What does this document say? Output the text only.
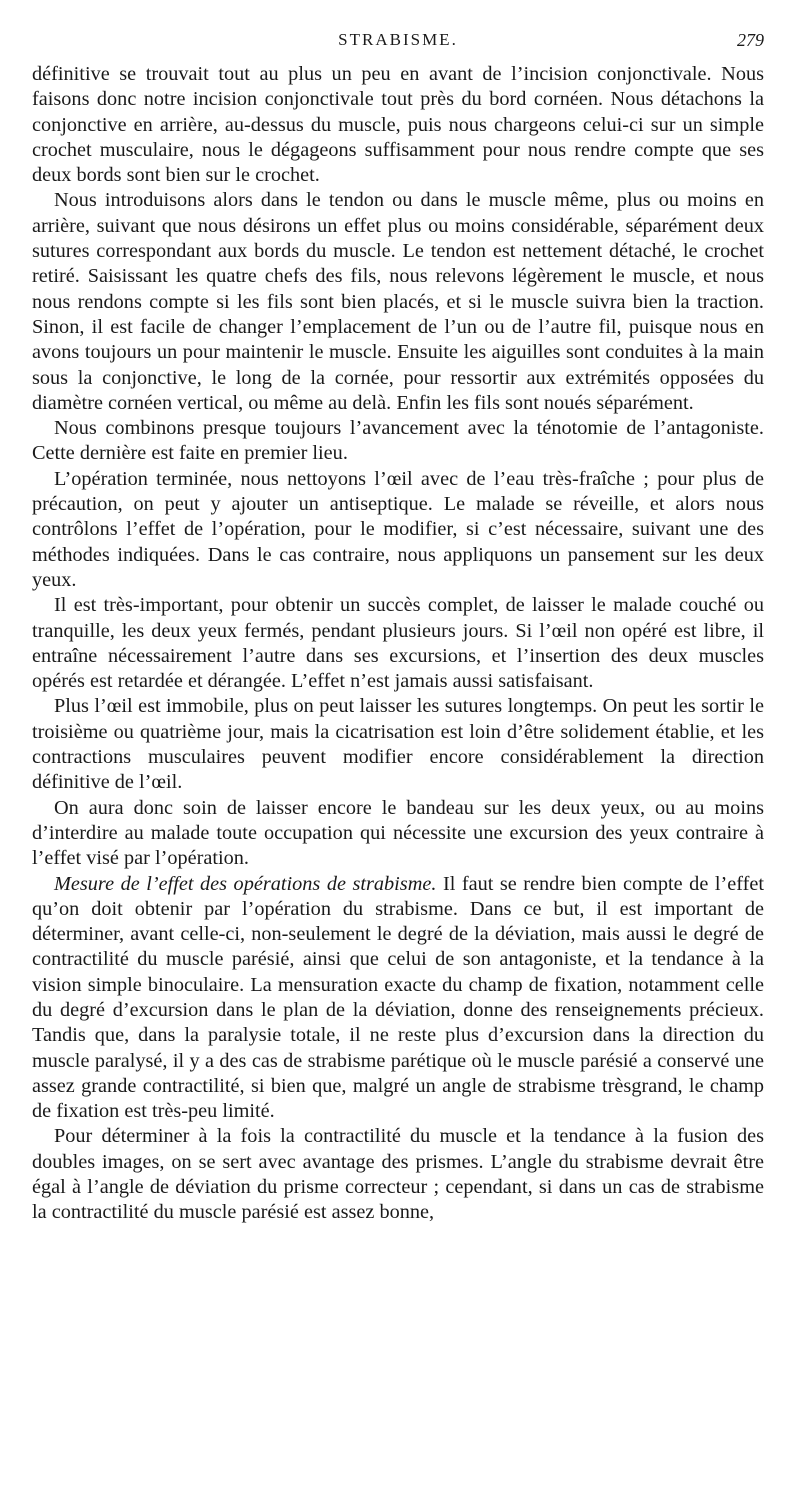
STRABISME.	279

définitive se trouvait tout au plus un peu en avant de l’incision conjonctivale. Nous faisons donc notre incision conjonctivale tout près du bord cornéen. Nous détachons la conjonctive en arrière, au-dessus du muscle, puis nous chargeons celui-ci sur un simple crochet musculaire, nous le dégageons suffisamment pour nous rendre compte que ses deux bords sont bien sur le crochet.

Nous introduisons alors dans le tendon ou dans le muscle même, plus ou moins en arrière, suivant que nous désirons un effet plus ou moins considérable, séparément deux sutures correspondant aux bords du muscle. Le tendon est nettement détaché, le crochet retiré. Saisissant les quatre chefs des fils, nous relevons légèrement le muscle, et nous nous rendons compte si les fils sont bien placés, et si le muscle suivra bien la traction. Sinon, il est facile de changer l’emplacement de l’un ou de l’autre fil, puisque nous en avons toujours un pour maintenir le muscle. Ensuite les aiguilles sont conduites à la main sous la conjonctive, le long de la cornée, pour ressortir aux extrémités opposées du diamètre cornéen vertical, ou même au delà. Enfin les fils sont noués séparément.

Nous combinons presque toujours l’avancement avec la ténotomie de l’antagoniste. Cette dernière est faite en premier lieu.

L’opération terminée, nous nettoyons l’œil avec de l’eau très-fraîche ; pour plus de précaution, on peut y ajouter un antiseptique. Le malade se réveille, et alors nous contrôlons l’effet de l’opération, pour le modifier, si c’est nécessaire, suivant une des méthodes indiquées. Dans le cas contraire, nous appliquons un pansement sur les deux yeux.

Il est très-important, pour obtenir un succès complet, de laisser le malade couché ou tranquille, les deux yeux fermés, pendant plusieurs jours. Si l’œil non opéré est libre, il entraîne nécessairement l’autre dans ses excursions, et l’insertion des deux muscles opérés est retardée et dérangée. L’effet n’est jamais aussi satisfaisant.

Plus l’œil est immobile, plus on peut laisser les sutures longtemps. On peut les sortir le troisième ou quatrième jour, mais la cicatrisation est loin d’être solidement établie, et les contractions musculaires peuvent modifier encore considérablement la direction définitive de l’œil.

On aura donc soin de laisser encore le bandeau sur les deux yeux, ou au moins d’interdire au malade toute occupation qui nécessite une excursion des yeux contraire à l’effet visé par l’opération.

Mesure de l’effet des opérations de strabisme. Il faut se rendre bien compte de l’effet qu’on doit obtenir par l’opération du strabisme. Dans ce but, il est important de déterminer, avant celle-ci, non-seulement le degré de la déviation, mais aussi le degré de contractilité du muscle parésié, ainsi que celui de son antagoniste, et la tendance à la vision simple binoculaire. La mensuration exacte du champ de fixation, notamment celle du degré d’excursion dans le plan de la déviation, donne des renseignements précieux. Tandis que, dans la paralysie totale, il ne reste plus d’excursion dans la direction du muscle paralysé, il y a des cas de strabisme parétique où le muscle parésié a conservé une assez grande contractilité, si bien que, malgré un angle de strabisme trèsgrand, le champ de fixation est très-peu limité.

Pour déterminer à la fois la contractilité du muscle et la tendance à la fusion des doubles images, on se sert avec avantage des prismes. L’angle du strabisme devrait être égal à l’angle de déviation du prisme correcteur ; cependant, si dans un cas de strabisme la contractilité du muscle parésié est assez bonne,
